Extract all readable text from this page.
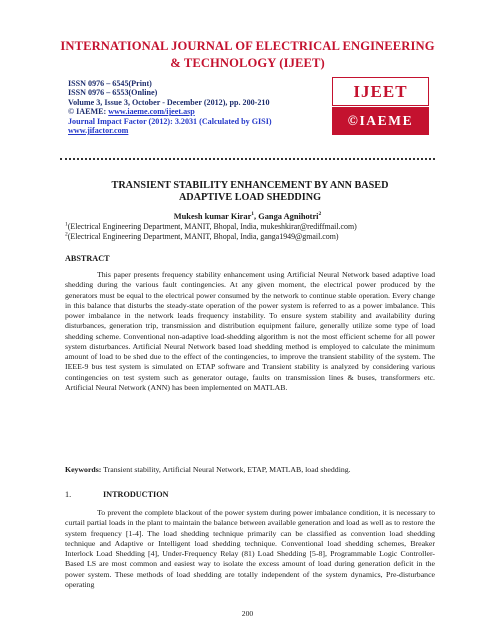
INTERNATIONAL JOURNAL OF ELECTRICAL ENGINEERING
& TECHNOLOGY (IJEET)
ISSN 0976 – 6545(Print)
ISSN 0976 – 6553(Online)
Volume 3, Issue 3, October - December (2012), pp. 200-210
© IAEME: www.iaeme.com/ijeet.asp
Journal Impact Factor (2012): 3.2031 (Calculated by GISI)
www.jifactor.com
IJEET
©IAEME
TRANSIENT STABILITY ENHANCEMENT BY ANN BASED
ADAPTIVE LOAD SHEDDING
Mukesh kumar Kirar$^1$, Ganga Agnihotri$^2$
$^1$(Electrical Engineering Department, MANIT, Bhopal, India, mukeshkirar@rediffmail.com)
$^2$(Electrical Engineering Department, MANIT, Bhopal, India, ganga1949@gmail.com)
ABSTRACT
This paper presents frequency stability enhancement using Artificial Neural Network based adaptive load shedding during the various fault contingencies. At any given moment, the electrical power produced by the generators must be equal to the electrical power consumed by the network to continue stable operation. Every change in this balance that disturbs the steady-state operation of the power system is referred to as a power imbalance. This power imbalance in the network leads frequency instability. To ensure system stability and availability during disturbances, generation trip, transmission and distribution equipment failure, generally utilize some type of load shedding scheme. Conventional non-adaptive load-shedding algorithm is not the most efficient scheme for all power system disturbances. Artificial Neural Network based load shedding method is employed to calculate the minimum amount of load to be shed due to the effect of the contingencies, to improve the transient stability of the system. The IEEE-9 bus test system is simulated on ETAP software and Transient stability is analyzed by considering various contingencies on test system such as generator outage, faults on transmission lines & buses, transformers etc. Artificial Neural Network (ANN) has been implemented on MATLAB.
Keywords: Transient stability, Artificial Neural Network, ETAP, MATLAB, load shedding.
1.	INTRODUCTION
To prevent the complete blackout of the power system during power imbalance condition, it is necessary to curtail partial loads in the plant to maintain the balance between available generation and load as well as to restore the system frequency [1-4]. The load shedding technique primarily can be classified as convention load shedding technique and Adaptive or Intelligent load shedding technique. Conventional load shedding schemes, Breaker Interlock Load Shedding [4], Under-Frequency Relay (81) Load Shedding [5-8], Programmable Logic Controller-Based LS are most common and easiest way to isolate the excess amount of load during generation deficit in the power system. These methods of load shedding are totally independent of the system dynamics, Pre-disturbance operating
200
